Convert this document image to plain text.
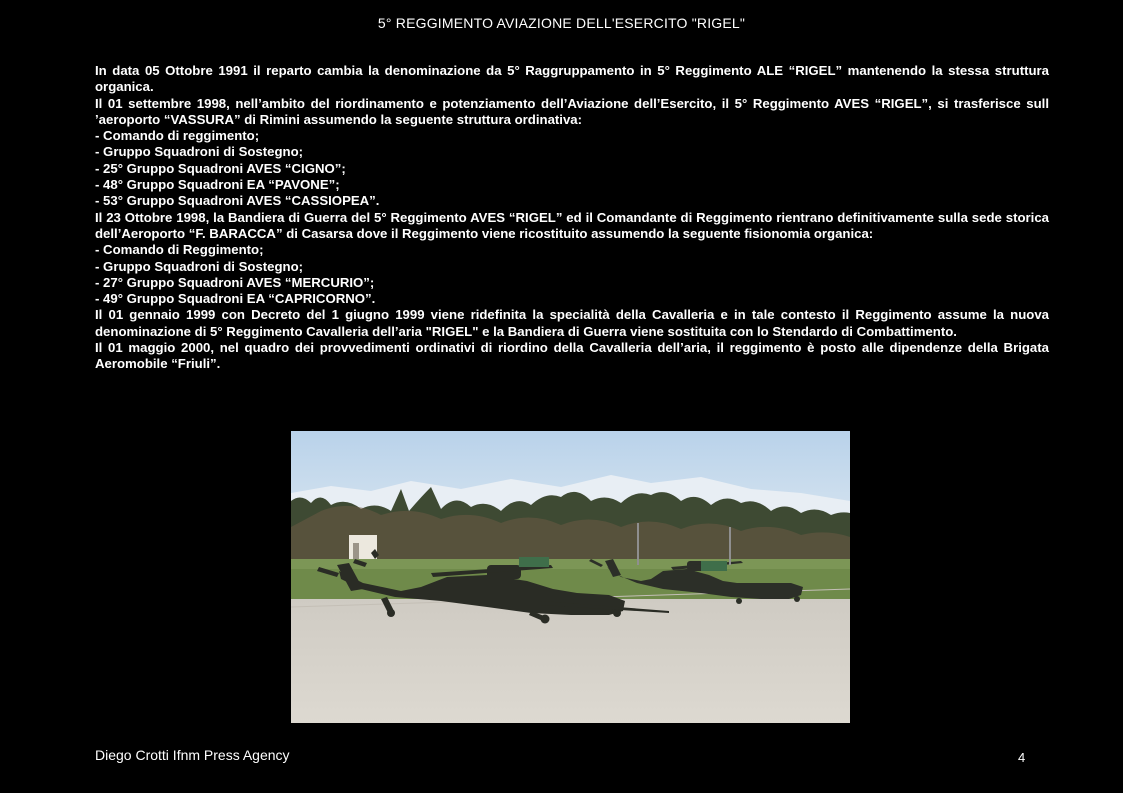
5° REGGIMENTO AVIAZIONE DELL'ESERCITO "RIGEL"

In data 05 Ottobre 1991 il reparto cambia la denominazione da 5° Raggruppamento in 5° Reggimento ALE “RIGEL” mantenendo la stessa struttura organica.

Il 01 settembre 1998, nell’ambito del riordinamento e potenziamento dell’Aviazione dell’Esercito, il 5° Reggimento AVES “RIGEL”, si trasferisce sull ’aeroporto “VASSURA” di Rimini assumendo la seguente struttura ordinativa:

- Comando di reggimento;

- Gruppo Squadroni di Sostegno;

- 25° Gruppo Squadroni AVES “CIGNO”;

- 48° Gruppo Squadroni EA “PAVONE”;

- 53° Gruppo Squadroni AVES “CASSIOPEA”.

Il 23 Ottobre 1998, la Bandiera di Guerra del 5° Reggimento AVES “RIGEL” ed il Comandante di Reggimento rientrano definitivamente sulla sede storica dell’Aeroporto “F. BARACCA” di Casarsa dove il Reggimento viene ricostituito assumendo la seguente fisionomia organica:

- Comando di Reggimento;

- Gruppo Squadroni di Sostegno;

- 27° Gruppo Squadroni AVES “MERCURIO”;

- 49° Gruppo Squadroni EA “CAPRICORNO”.

Il 01 gennaio 1999 con Decreto del 1 giugno 1999 viene ridefinita la specialità della Cavalleria e in tale contesto il Reggimento assume la nuova denominazione di 5° Reggimento Cavalleria dell’aria "RIGEL" e la Bandiera di Guerra viene sostituita con lo Stendardo di Combattimento.

Il 01 maggio 2000, nel quadro dei provvedimenti ordinativi di riordino della Cavalleria dell’aria, il reggimento è posto alle dipendenze della Brigata Aeromobile “Friuli”.

Diego Crotti Ifnm Press Agency	4
